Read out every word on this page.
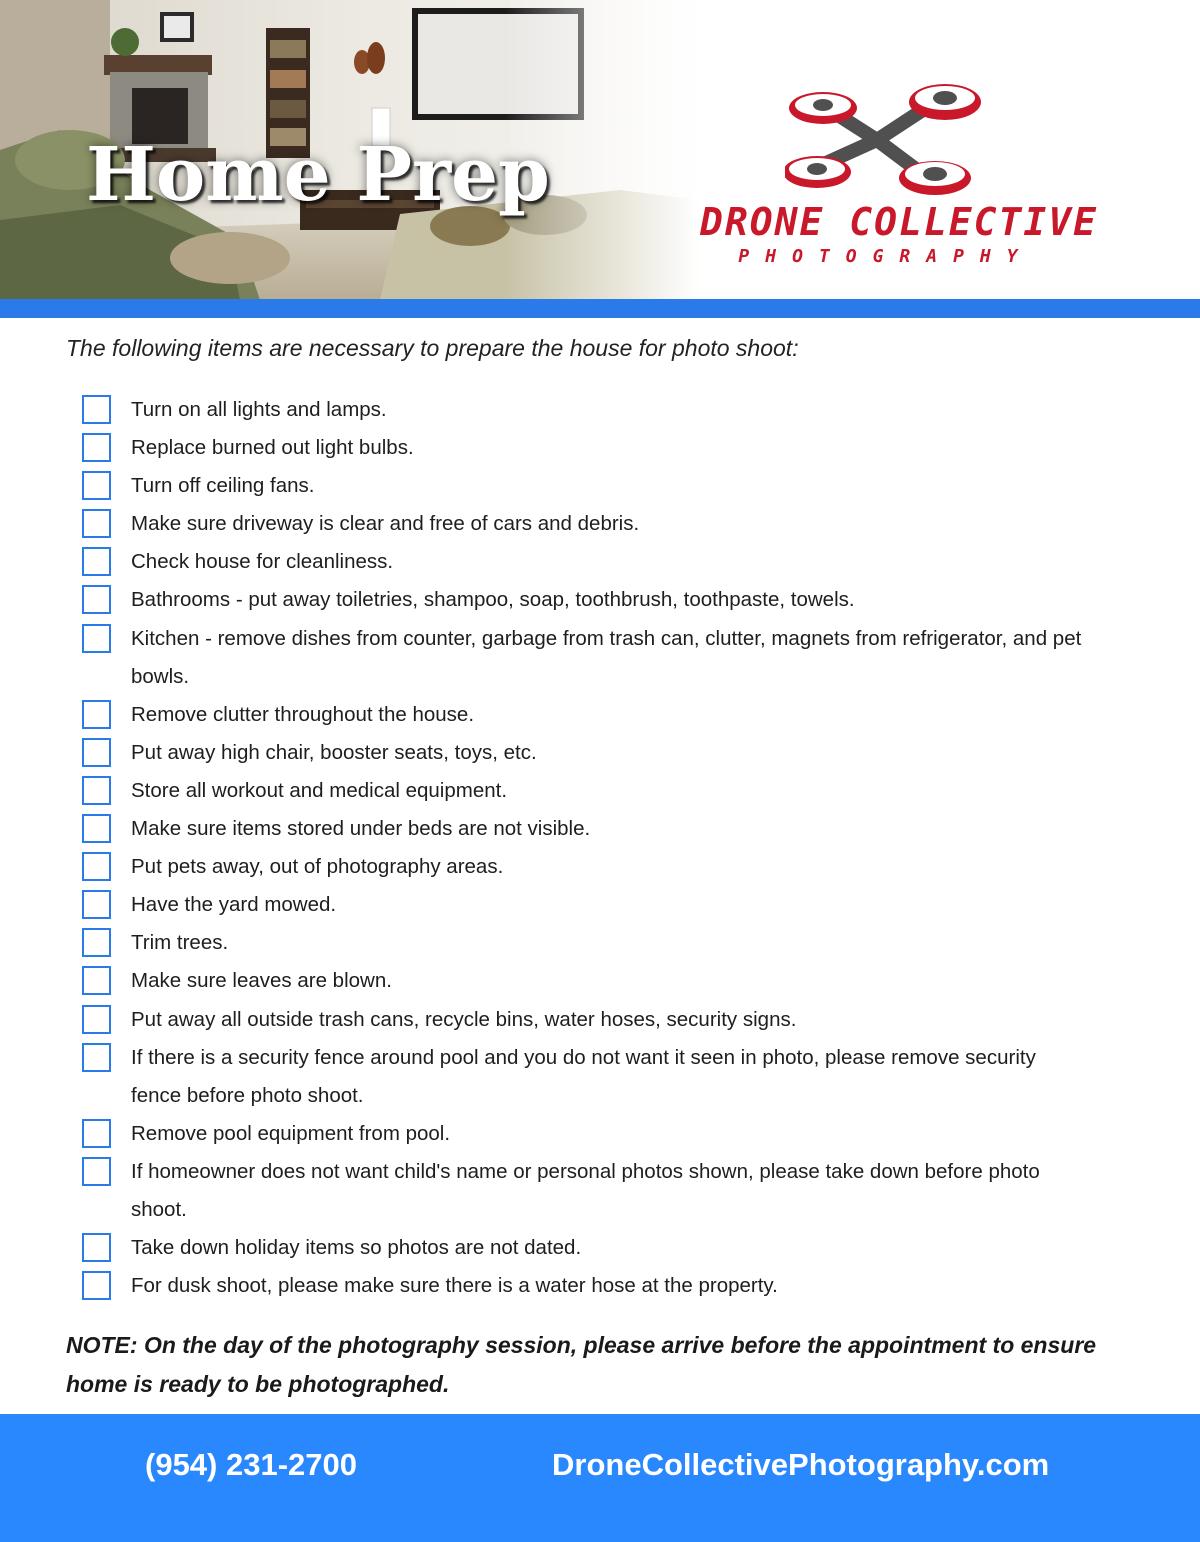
Home Prep
DRONE COLLECTIVE
PHOTOGRAPHY
The following items are necessary to prepare the house for photo shoot:
Turn on all lights and lamps.
Replace burned out light bulbs.
Turn off ceiling fans.
Make sure driveway is clear and free of cars and debris.
Check house for cleanliness.
Bathrooms - put away toiletries, shampoo, soap, toothbrush, toothpaste, towels.
Kitchen - remove dishes from counter, garbage from trash can, clutter, magnets from refrigerator, and pet bowls.
Remove clutter throughout the house.
Put away high chair, booster seats, toys, etc.
Store all workout and medical equipment.
Make sure items stored under beds are not visible.
Put pets away, out of photography areas.
Have the yard mowed.
Trim trees.
Make sure leaves are blown.
Put away all outside trash cans, recycle bins, water hoses, security signs.
If there is a security fence around pool and you do not want it seen in photo, please remove security fence before photo shoot.
Remove pool equipment from pool.
If homeowner does not want child's name or personal photos shown, please take down before photo shoot.
Take down holiday items so photos are not dated.
For dusk shoot, please make sure there is a water hose at the property.
NOTE: On the day of the photography session, please arrive before the appointment to ensure home is ready to be photographed.
(954) 231-2700	DroneCollectivePhotography.com
